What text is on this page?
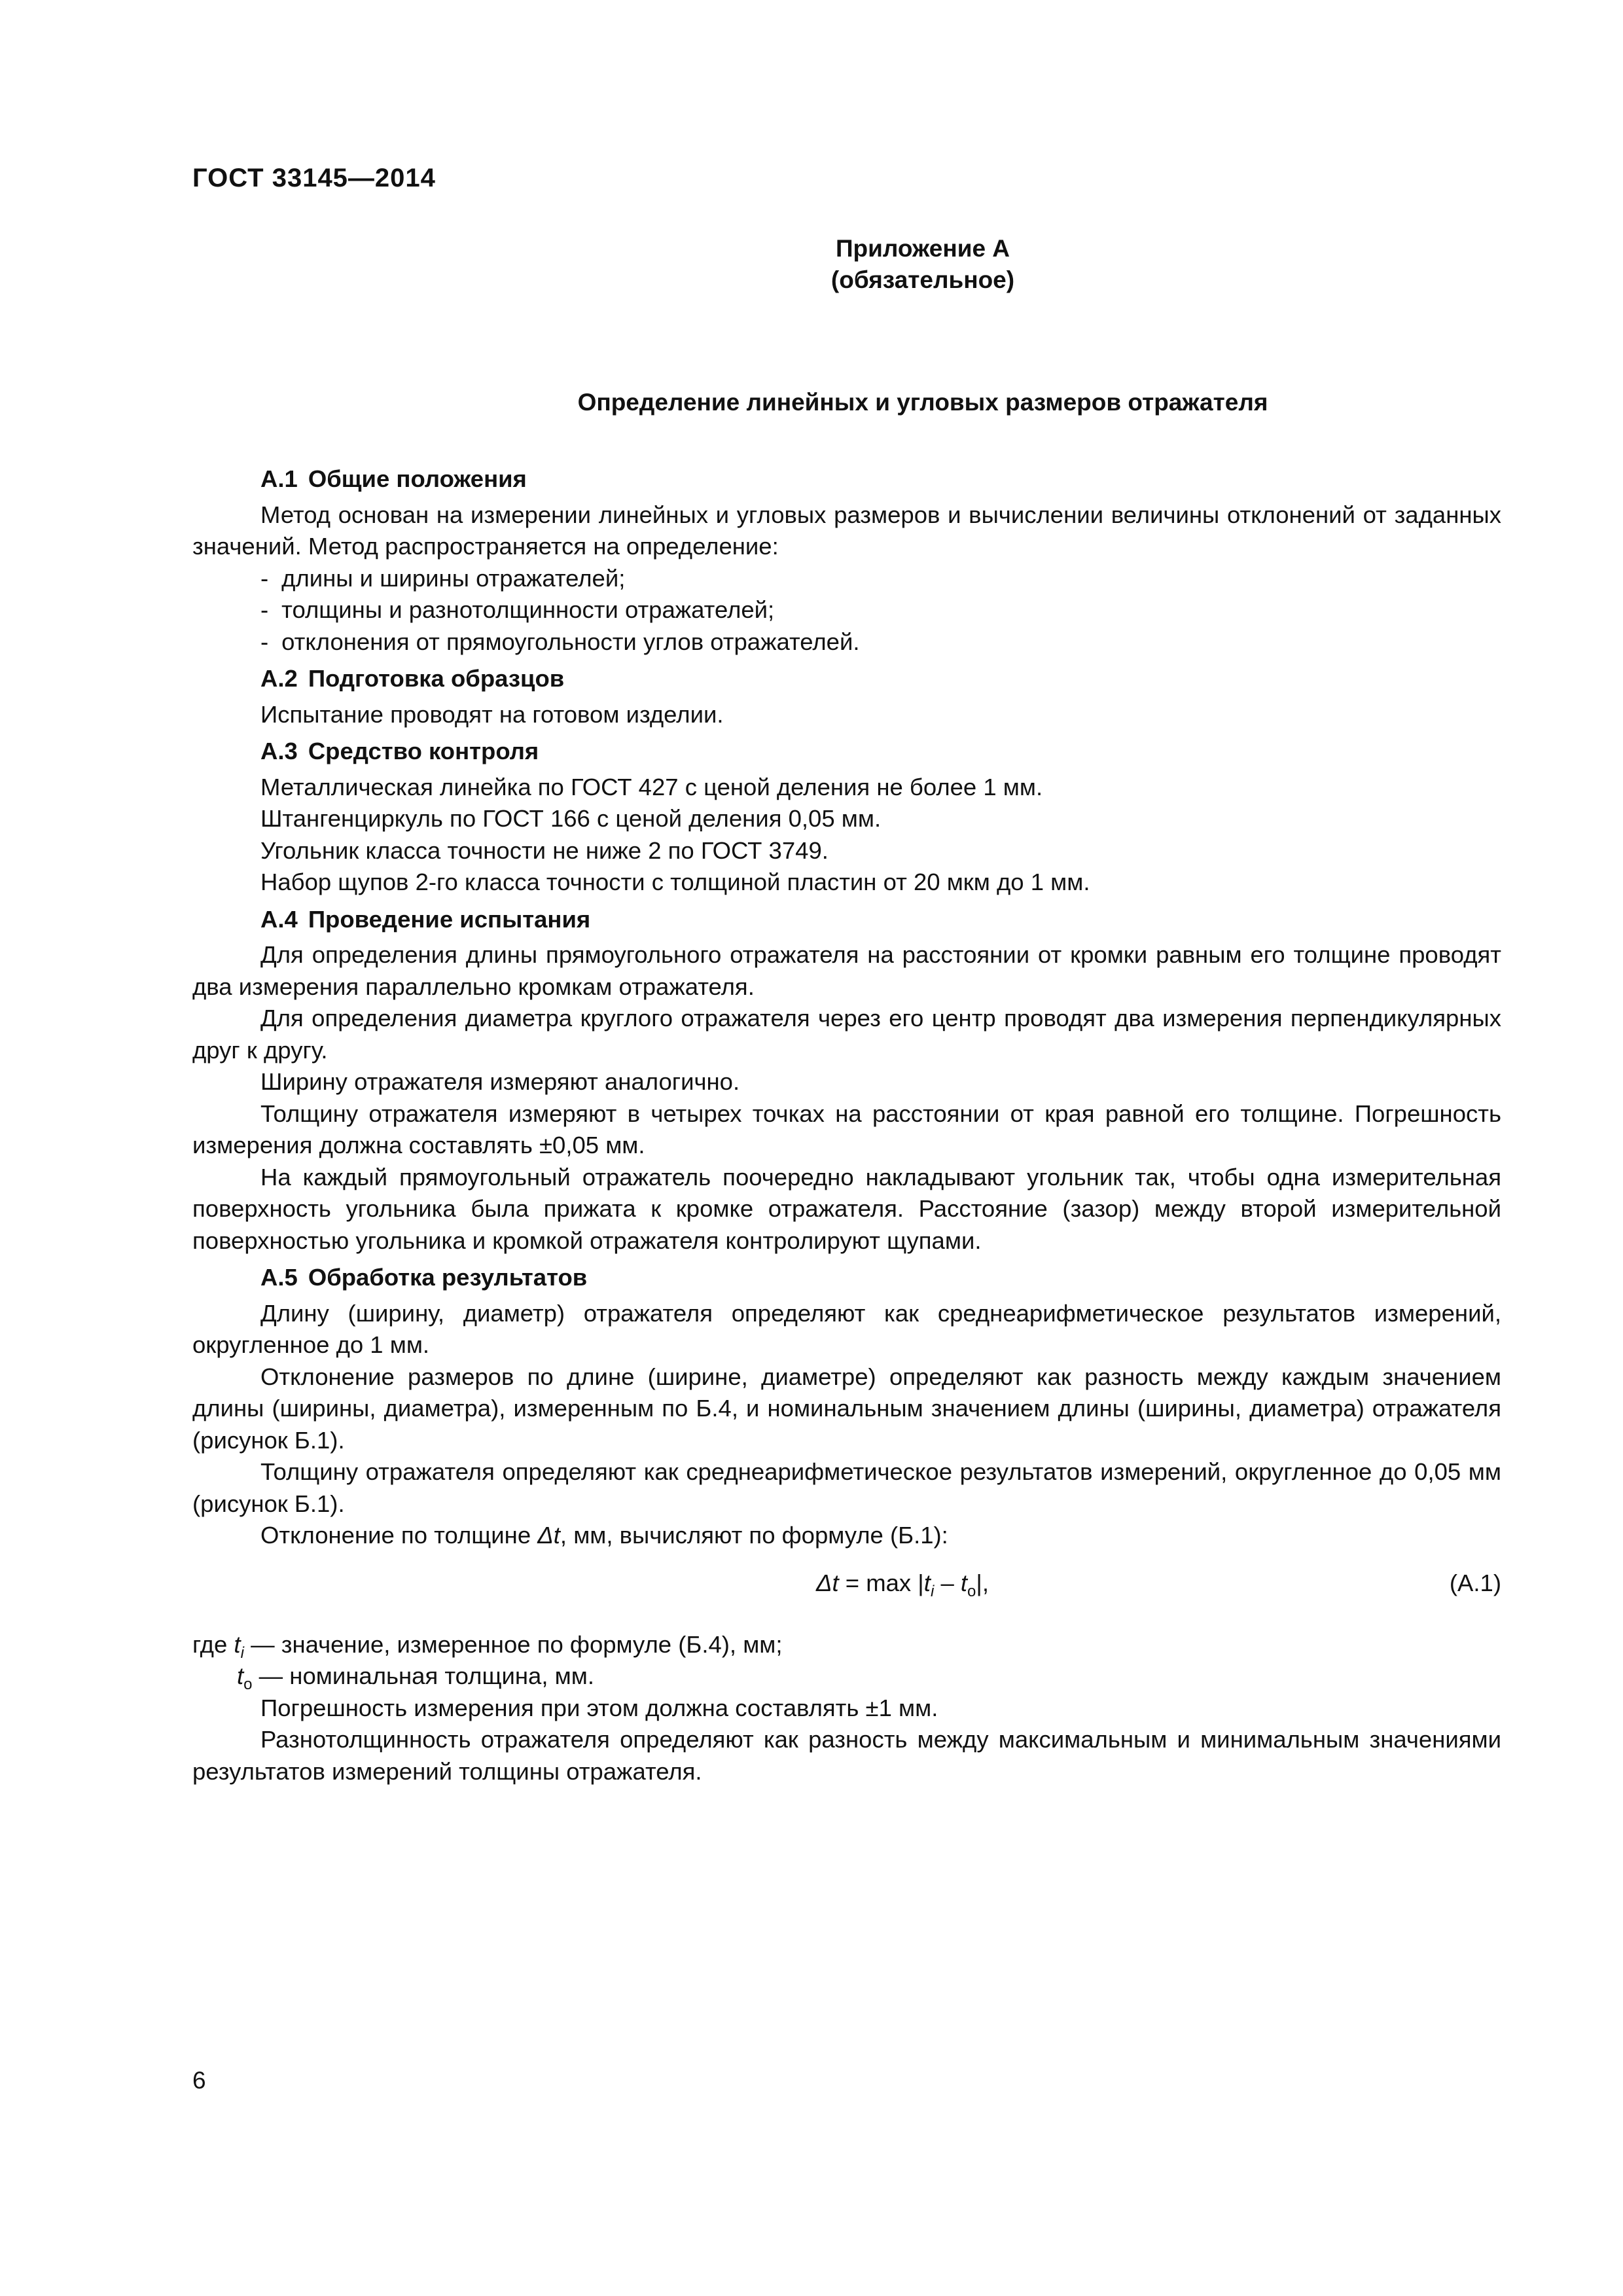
ГОСТ 33145—2014
Приложение А
(обязательное)
Определение линейных и угловых размеров отражателя
А.1 Общие положения

Метод основан на измерении линейных и угловых размеров и вычислении величины отклонений от заданных значений. Метод распространяется на определение:

- длины и ширины отражателей;

- толщины и разнотолщинности отражателей;

- отклонения от прямоугольности углов отражателей.

А.2 Подготовка образцов

Испытание проводят на готовом изделии.

А.3 Средство контроля

Металлическая линейка по ГОСТ 427 с ценой деления не более 1 мм.

Штангенциркуль по ГОСТ 166 с ценой деления 0,05 мм.

Угольник класса точности не ниже 2 по ГОСТ 3749.

Набор щупов 2-го класса точности с толщиной пластин от 20 мкм до 1 мм.

А.4 Проведение испытания

Для определения длины прямоугольного отражателя на расстоянии от кромки равным его толщине проводят два измерения параллельно кромкам отражателя.

Для определения диаметра круглого отражателя через его центр проводят два измерения перпендикулярных друг к другу.

Ширину отражателя измеряют аналогично.

Толщину отражателя измеряют в четырех точках на расстоянии от края равной его толщине. Погрешность измерения должна составлять ±0,05 мм.

На каждый прямоугольный отражатель поочередно накладывают угольник так, чтобы одна измерительная поверхность угольника была прижата к кромке отражателя. Расстояние (зазор) между второй измерительной поверхностью угольника и кромкой отражателя контролируют щупами.

А.5 Обработка результатов

Длину (ширину, диаметр) отражателя определяют как среднеарифметическое результатов измерений, округленное до 1 мм.

Отклонение размеров по длине (ширине, диаметре) определяют как разность между каждым значением длины (ширины, диаметра), измеренным по Б.4, и номинальным значением длины (ширины, диаметра) отражателя (рисунок Б.1).

Толщину отражателя определяют как среднеарифметическое результатов измерений, округленное до 0,05 мм (рисунок Б.1).

Отклонение по толщине Δt, мм, вычисляют по формуле (Б.1):

$\Delta t = \max |t_i - t_o|$,	(А.1)

где $t_i$ — значение, измеренное по формуле (Б.4), мм;

$t_o$ — номинальная толщина, мм.

Погрешность измерения при этом должна составлять ±1 мм.

Разнотолщинность отражателя определяют как разность между максимальным и минимальным значениями результатов измерений толщины отражателя.

6
